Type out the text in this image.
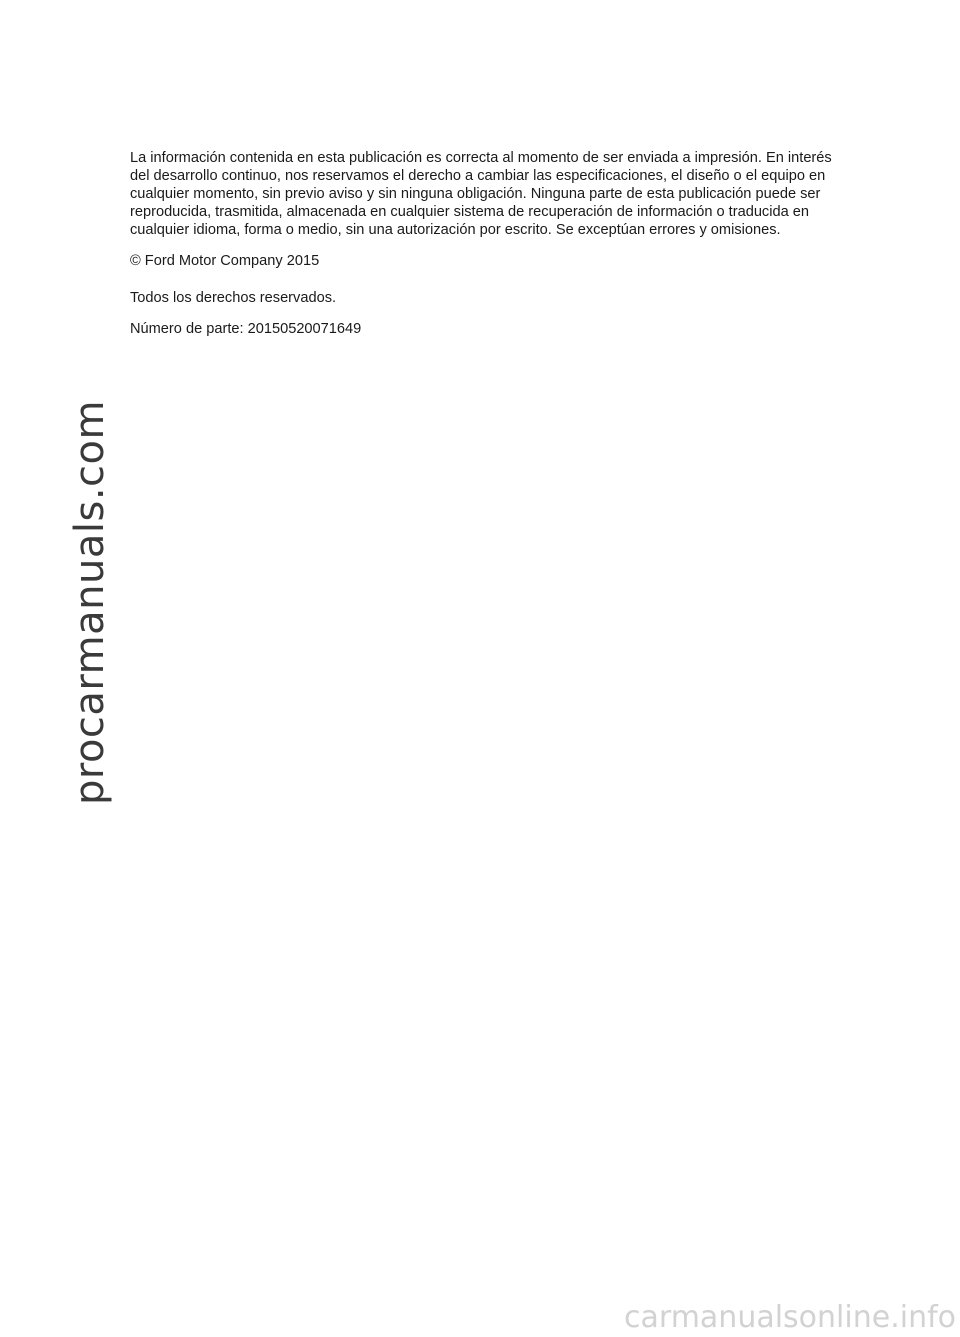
La información contenida en esta publicación es correcta al momento de ser enviada a impresión. En interés del desarrollo continuo, nos reservamos el derecho a cambiar las especificaciones, el diseño o el equipo en cualquier momento, sin previo aviso y sin ninguna obligación. Ninguna parte de esta publicación puede ser reproducida, trasmitida, almacenada en cualquier sistema de recuperación de información o traducida en cualquier idioma, forma o medio, sin una autorización por escrito. Se exceptúan errores y omisiones.

© Ford Motor Company 2015

Todos los derechos reservados.

Número de parte: 20150520071649

procarmanuals.com
carmanualsonline.info
